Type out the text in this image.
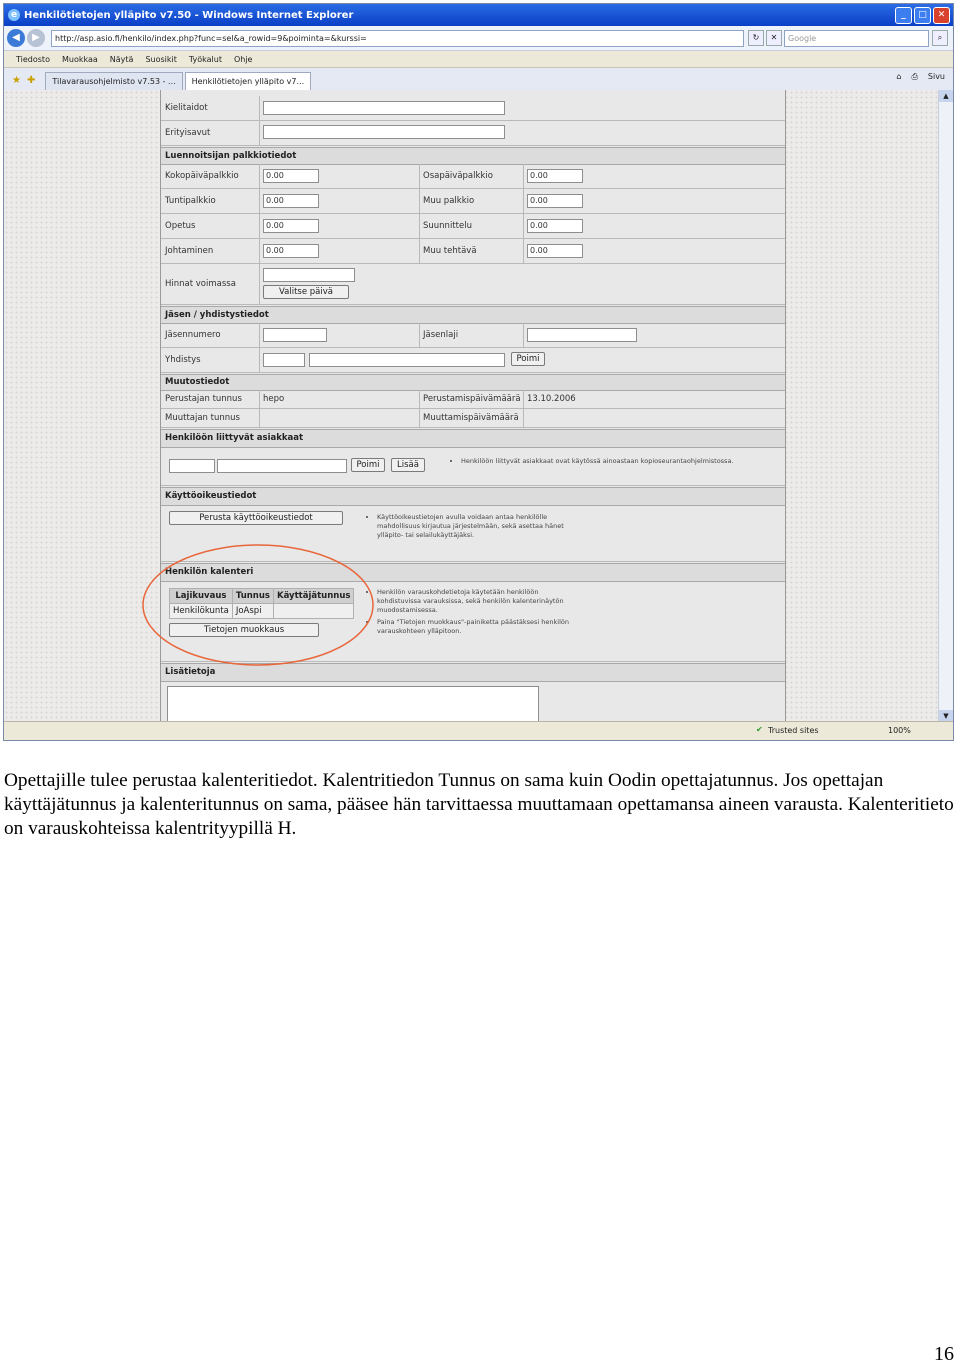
e Henkilötietojen ylläpito v7.50 - Windows Internet Explorer	_	□	✕
◀	▶	http://asp.asio.fi/henkilo/index.php?func=sel&a_rowid=9&poiminta=&kurssi=	↻	✕	Google	⌕
Tiedosto Muokkaa Näytä Suosikit Työkalut Ohje
★ ✚	Tilavarausohjelmisto v7.53 - ...	Henkilötietojen ylläpito v7...
⌂ ⎙ Sivu
Kielitaidot
Erityisavut
Luennoitsijan palkkiotiedot
Kokopäiväpalkkio	0.00	Osapäiväpalkkio	0.00
Tuntipalkkio	0.00	Muu palkkio	0.00
Opetus	0.00	Suunnittelu	0.00
Johtaminen	0.00	Muu tehtävä	0.00
Hinnat voimassa
Valitse päivä
Jäsen / yhdistystiedot
Jäsennumero	Jäsenlaji
Yhdistys	Poimi
Muutostiedot
Perustajan tunnus hepo	Perustamispäivämäärä 13.10.2006
Muuttajan tunnus	Muuttamispäivämäärä
Henkilöön liittyvät asiakkaat
Poimi	Lisää	• Henkilöön liittyvät asiakkaat ovat käytössä ainoastaan kopioseurantaohjelmistossa.
Käyttöoikeustiedot
Perusta käyttöoikeustiedot	• Käyttöoikeustietojen avulla voidaan antaa henkilölle mahdollisuus kirjautua järjestelmään, sekä asettaa hänet ylläpito- tai selailukäyttäjäksi.
Henkilön kalenteri
Lajikuvaus	Tunnus	Käyttäjätunnus
Henkilökunta	JoAspi	
Tietojen muokkaus
• Henkilön varauskohdetietoja käytetään henkilöön kohdistuvissa varauksissa, sekä henkilön kalenterinäytön muodostamisessa.
• Paina "Tietojen muokkaus"-painiketta päästäksesi henkilön varauskohteen ylläpitoon.
Lisätietoja
▲
▼
✔ Trusted sites	100%

Opettajille tulee perustaa kalenteritiedot. Kalentritiedon Tunnus on sama kuin Oodin opettajatunnus. Jos opettajan käyttäjätunnus ja kalenteritunnus on sama, pääsee hän tarvittaessa muuttamaan opettamansa aineen varausta. Kalenteritieto on varauskohteissa kalentrityypillä H.

16
